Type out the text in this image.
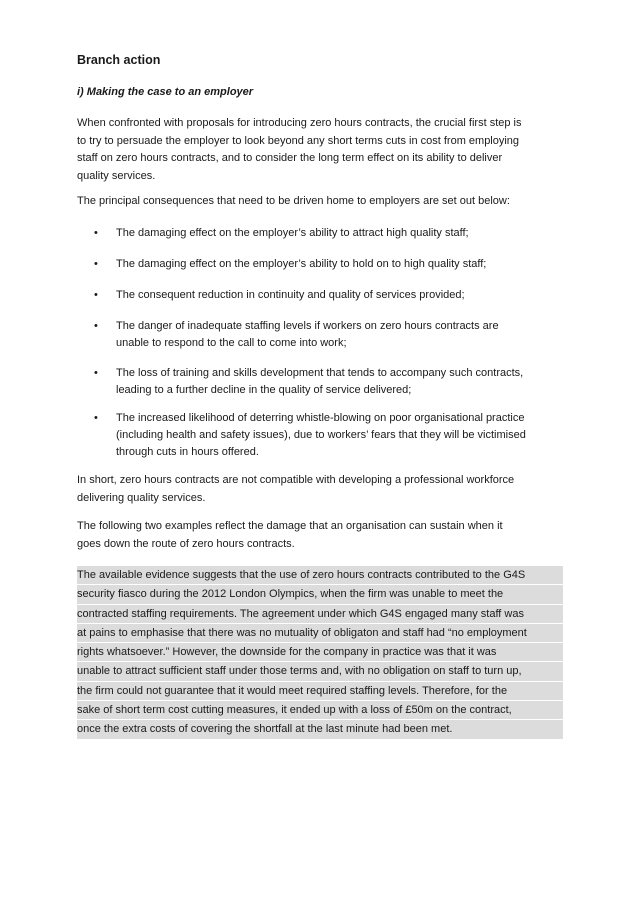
Branch action
i) Making the case to an employer
When confronted with proposals for introducing zero hours contracts, the crucial first step is
to try to persuade the employer to look beyond any short terms cuts in cost from employing
staff on zero hours contracts, and to consider the long term effect on its ability to deliver
quality services.
The principal consequences that need to be driven home to employers are set out below:
• The damaging effect on the employer’s ability to attract high quality staff;
• The damaging effect on the employer’s ability to hold on to high quality staff;
• The consequent reduction in continuity and quality of services provided;
• The danger of inadequate staffing levels if workers on zero hours contracts are
unable to respond to the call to come into work;
• The loss of training and skills development that tends to accompany such contracts,
leading to a further decline in the quality of service delivered;
• The increased likelihood of deterring whistle-blowing on poor organisational practice
(including health and safety issues), due to workers’ fears that they will be victimised
through cuts in hours offered.
In short, zero hours contracts are not compatible with developing a professional workforce
delivering quality services.
The following two examples reflect the damage that an organisation can sustain when it
goes down the route of zero hours contracts.
The available evidence suggests that the use of zero hours contracts contributed to the G4S
security fiasco during the 2012 London Olympics, when the firm was unable to meet the
contracted staffing requirements. The agreement under which G4S engaged many staff was
at pains to emphasise that there was no mutuality of obligaton and staff had “no employment
rights whatsoever.” However, the downside for the company in practice was that it was
unable to attract sufficient staff under those terms and, with no obligation on staff to turn up,
the firm could not guarantee that it would meet required staffing levels. Therefore, for the
sake of short term cost cutting measures, it ended up with a loss of £50m on the contract,
once the extra costs of covering the shortfall at the last minute had been met.
